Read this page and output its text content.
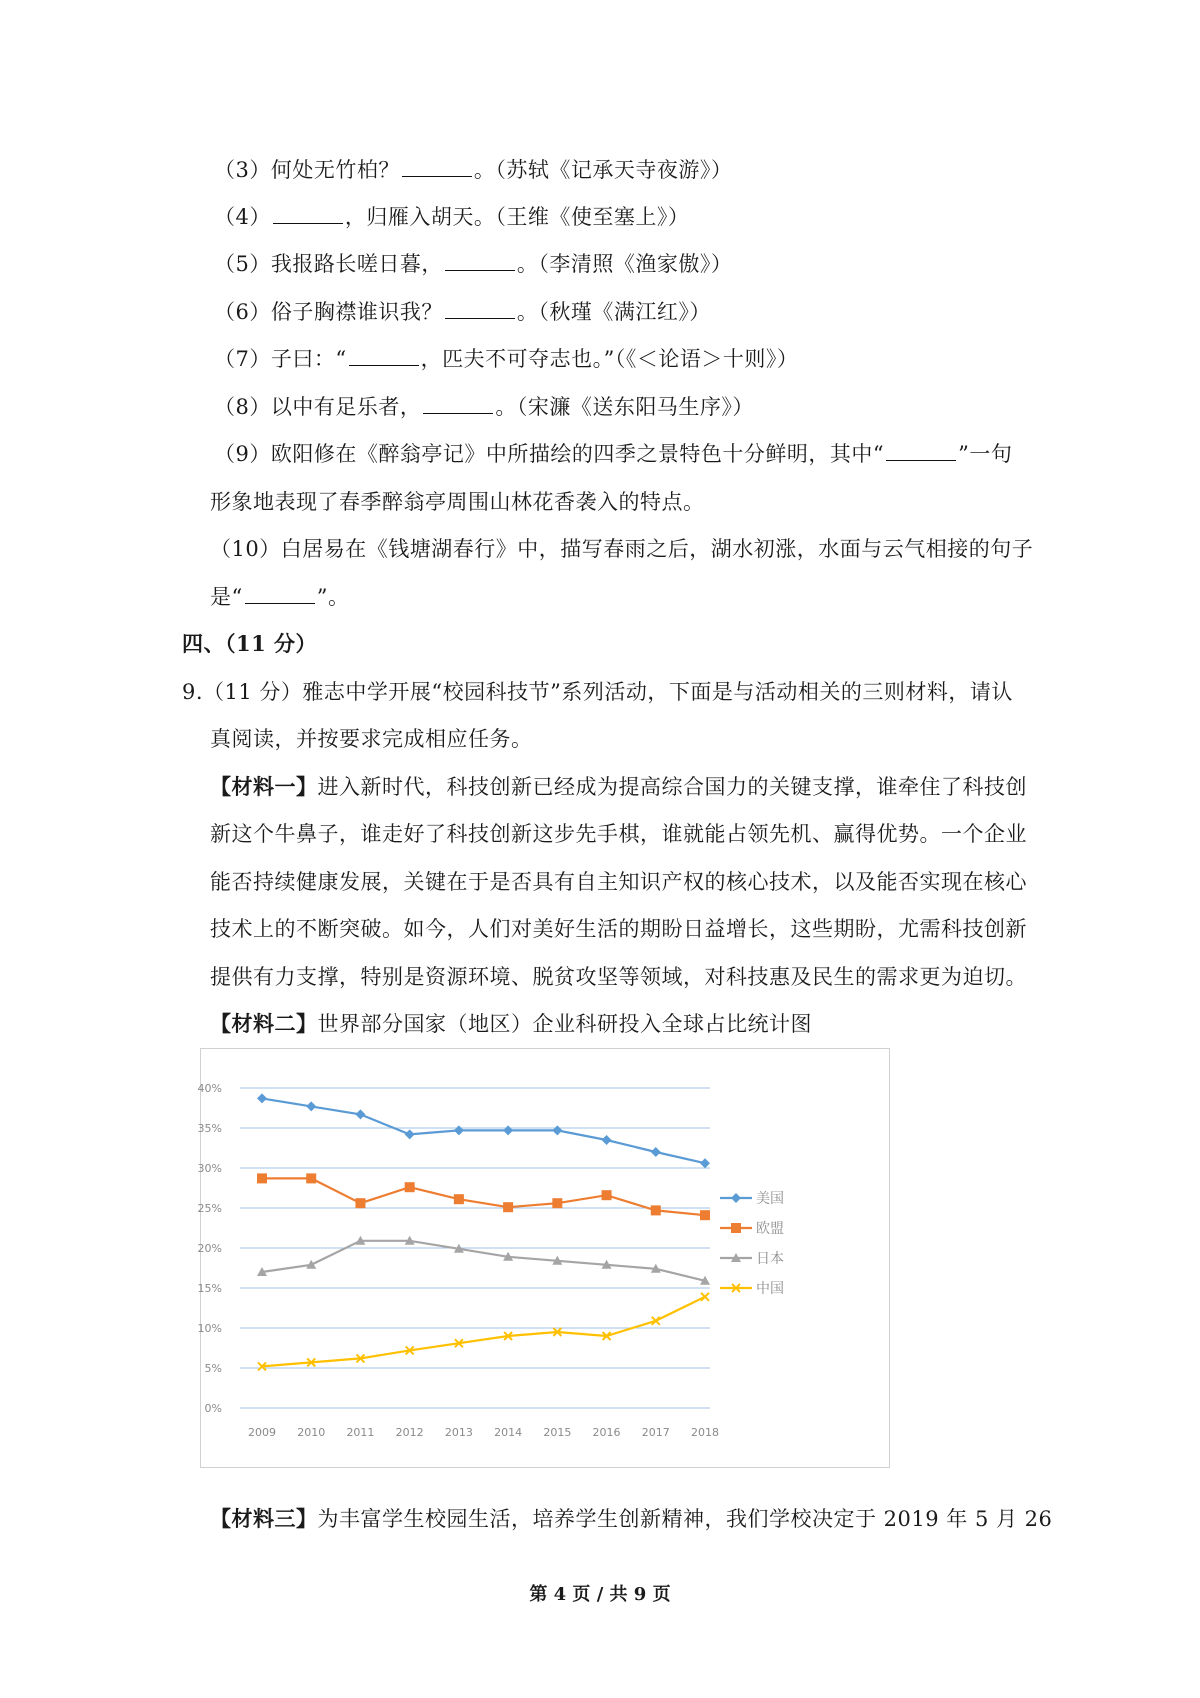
（3）何处无竹柏？	。（苏轼《记承天寺夜游》）
（4）	，归雁入胡天。（王维《使至塞上》）
（5）我报路长嗟日暮，	。（李清照《渔家傲》）
（6）俗子胸襟谁识我？	。（秋瑾《满江红》）
（7）子曰：“	，匹夫不可夺志也。”（《＜论语＞十则》）
（8）以中有足乐者，	。（宋濂《送东阳马生序》）
（9）欧阳修在《醉翁亭记》中所描绘的四季之景特色十分鲜明，其中“	”一句
形象地表现了春季醉翁亭周围山林花香袭入的特点。
（10）白居易在《钱塘湖春行》中，描写春雨之后，湖水初涨，水面与云气相接的句子
是“	”。
四、（11 分）
9.（11 分）雅志中学开展“校园科技节”系列活动，下面是与活动相关的三则材料，请认
真阅读，并按要求完成相应任务。
【材料一】进入新时代，科技创新已经成为提高综合国力的关键支撑，谁牵住了科技创
新这个牛鼻子，谁走好了科技创新这步先手棋，谁就能占领先机、赢得优势。一个企业
能否持续健康发展，关键在于是否具有自主知识产权的核心技术，以及能否实现在核心
技术上的不断突破。如今，人们对美好生活的期盼日益增长，这些期盼，尤需科技创新
提供有力支撑，特别是资源环境、脱贫攻坚等领域，对科技惠及民生的需求更为迫切。
【材料二】世界部分国家（地区）企业科研投入全球占比统计图
0%
5%
10%
15%
20%
25%
30%
35%
40%
2009 2010 2011 2012 2013 2014 2015 2016 2017 2018
美国
欧盟
日本
中国
【材料三】为丰富学生校园生活，培养学生创新精神，我们学校决定于 2019 年 5 月 26
第 4 页 / 共 9 页
